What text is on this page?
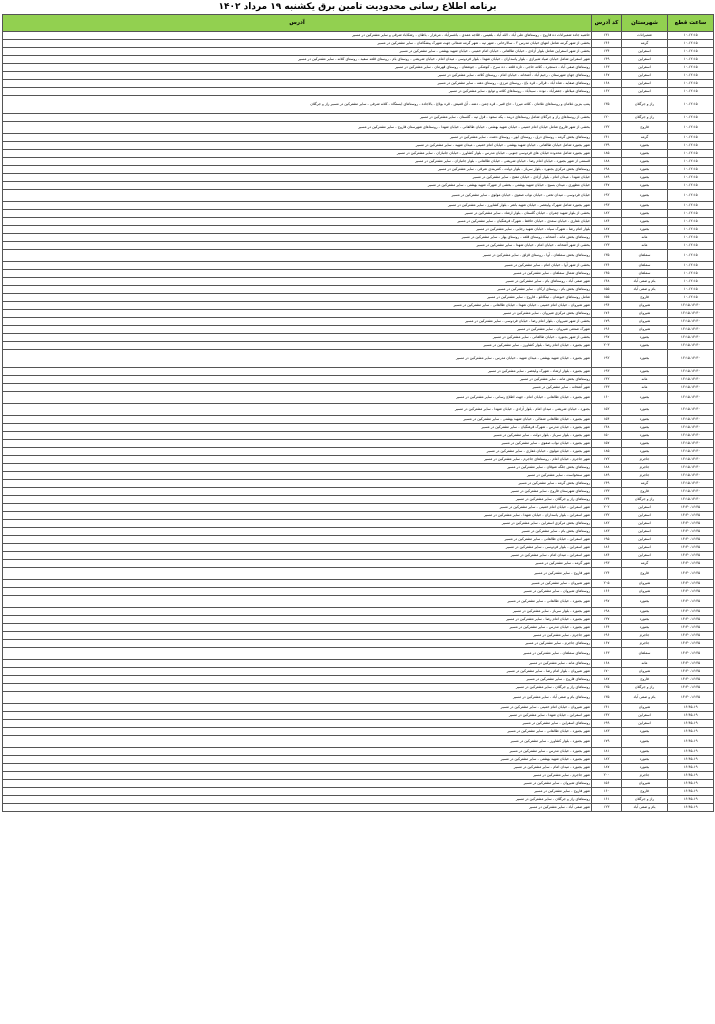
برنامه اطلاع رسانی محدودیت تامین برق یکشنبه ۱۹ مرداد ۱۴۰۲
ساعت قطع	شهرستان	کد آدرس	آدرس
۱۰-۱۲:۱۵	شمیرانات	۱۳۱	حاشیه جاده شمیرانات ده فاروج - روستاهای علی آباد - الله آباد - بلقیس - قلاجه عمدی - باغسرآباد - مرغزار - باطان - رشکاباد شرقی و سایر مشترکین در مسیر
۱۰-۱۲:۱۵	گرمه	۱۴۶	بخشی از شهر گرمه شامل انتهای خیابان مدرس ۲ - سالارخانی - شهر تپه - شهر گرمه شمالی جهت شهرک پیشگامان - سایر مشترکین در مسیر
۱۰-۱۲:۱۵	اسفراین	۱۳۴	بخشی از شهر اسفراین شامل بلوار آزادی - خیابان طالقانی - خیابان امام خمینی - خیابان شهید بهشتی - سایر مشترکین در مسیر
۱۰-۱۲:۱۵	اسفراین	۱۴۹	شهر اسفراین شامل خیابان صیاد شیرازی - بلوار پاسداران - خیابان شهدا - بلوار فردوسی - میدان امام - خیابان شریعتی - روستای بام - روستای قلعه سفید - روستای کلاته - سایر مشترکین در مسیر
۱۰-۱۲:۱۵	اسفراین	۱۶۳	روستاهای صفی آباد - دستجرد - کلاته حاجی - تازه قلعه - ده سرخ - کوشکی - جوشقان - روستای قهرمان - سایر مشترکین در مسیر
۱۰-۱۲:۱۵	اسفراین	۱۶۷	روستاهای جهان شهرستان - رحیم آباد - آشخانه - خیابان امام - روستای کلاته - سایر مشترکین در مسیر
۱۰-۱۲:۱۵	اسفراین	۱۶۸	روستاهای صفایه - شاه آباد - قرالر - قره باغ - روستای مرزی - روستای دهنه - سایر مشترکین در مسیر
۱۰-۱۲:۱۵	اسفراین	۱۶۲	روستاهای میلانلو - جعفرآباد - نوده - سیدآباد - روستاهای کلاته و توابع - سایر مشترکین در مسیر
۱۰-۱۲:۱۵	راز و جرگلان	۱۳۵	پمپ بنزین غلامان و روستاهای غلامان - کلاته میرزا - حاج قنبر - قره چمن - دهنه - آق قمیش - قره بولاغ - بالاجاده - روستاهای ایستگاه - کلاته شرفی - سایر مشترکین در مسیر راز و جرگلان
۱۰-۱۲:۱۵	راز و جرگلان	۱۲۰	بخشی از روستاهای راز و جرگلان شامل روستاهای دربند - یکه سعود - قزل تپه - گلستان - سایر مشترکین در مسیر
۱۰-۱۲:۱۵	فاروج	۱۳۲	بخشی از شهر فاروج شامل خیابان امام خمینی - خیابان شهید بهشتی - خیابان طالقانی - خیابان شهدا - روستاهای شهرستان فاروج - سایر مشترکین در مسیر
۱۰-۱۲:۱۵	گرمه	۱۴۱	روستاهای بخش گرمه - روستای درق - روستای ایور - روستای دشت - سایر مشترکین در مسیر
۱۰-۱۲:۱۵	بجنورد	۱۳۹	شهر بجنورد شامل خیابان طالقانی - خیابان شهید بهشتی - خیابان امام خمینی - میدان شهید - سایر مشترکین در مسیر
۱۰-۱۲:۱۵	بجنورد	۱۸۵	شهر بجنورد شامل محدوده خیابان های فردوسی جنوبی - خیابان مدرس - بلوار کشاورز - خیابان جانبازان - سایر مشترکین در مسیر
۱۰-۱۲:۱۵	بجنورد	۱۸۸	قسمتی از شهر بجنورد - خیابان امام رضا - خیابان شریعتی - خیابان طالقانی - بلوار جانبازان - سایر مشترکین در مسیر
۱۰-۱۲:۱۵	بجنورد	۱۹۸	روستاهای بخش مرکزی بجنورد - بلوار سرباز - بلوار دولت - کمربندی شرقی - سایر مشترکین در مسیر
۱۰-۱۲:۱۵	بجنورد	۱۸۹	خیابان شهدا - میدان امام - بلوار آزادی - خیابان مفتح - سایر مشترکین در مسیر
۱۰-۱۲:۱۵	بجنورد	۱۴۷	خیابان مطهری - میدان بسیج - خیابان شهید بهشتی - بخشی از شهرک شهید بهشتی - سایر مشترکین در مسیر
۱۰-۱۲:۱۵	بجنورد	۱۹۲	خیابان فردوسی - میدان تختی - خیابان نواب صفوی - خیابان مولوی - سایر مشترکین در مسیر
۱۰-۱۲:۱۵	بجنورد	۱۹۳	شهر بجنورد شامل شهرک ولیعصر - خیابان شهید باهنر - بلوار کشاورز - سایر مشترکین در مسیر
۱۰-۱۲:۱۵	بجنورد	۱۸۲	بخشی از بلوار شهید چمران - خیابان گلستان - بلوار ارشاد - سایر مشترکین در مسیر
۱۰-۱۲:۱۵	بجنورد	۱۸۴	خیابان غفاری - خیابان سعدی - خیابان حافظ - شهرک فرهنگیان - سایر مشترکین در مسیر
۱۰-۱۲:۱۵	بجنورد	۱۸۷	بلوار امام رضا - شهرک سپاه - خیابان شهید رجایی - سایر مشترکین در مسیر
۱۰-۱۲:۱۵	مانه	۱۴۴	روستاهای بخش مانه - آشخانه - روستای قلعه - روستای بهار - سایر مشترکین در مسیر
۱۰-۱۲:۱۵	مانه	۱۲۳	بخشی از شهر آشخانه - خیابان امام - خیابان شهدا - سایر مشترکین در مسیر
۱۰-۱۲:۱۵	سملقان	۱۳۵	روستاهای بخش سملقان - آوا - روستای قزلق - سایر مشترکین در مسیر
۱۰-۱۲:۱۵	سملقان	۱۳۶	بخشی از شهر آوا - خیابان امام - سایر مشترکین در مسیر
۱۰-۱۲:۱۵	سملقان	۱۴۵	روستاهای شمال سملقان - سایر مشترکین در مسیر
۱۰-۱۲:۱۵	بام و صفی آباد	۱۴۸	شهر صفی آباد - روستاهای بام - سایر مشترکین در مسیر
۱۰-۱۲:۱۵	بام و صفی آباد	۱۵۵	روستاهای بخش بام - روستای ارکان - سایر مشترکین در مسیر
۱۰-۱۲:۱۵	فاروج	۱۵۵	شامل روستاهای خبوشان - تیتکانلو - فاروج - سایر مشترکین در مسیر
۱۲:۱۵-۱۴:۳۰	شیروان	۱۹۴	شهر شیروان - خیابان امام خمینی - خیابان شهدا - خیابان طالقانی - سایر مشترکین در مسیر
۱۲:۱۵-۱۴:۳۰	شیروان	۱۷۶	روستاهای بخش مرکزی شیروان - سایر مشترکین در مسیر
۱۲:۱۵-۱۴:۳۰	شیروان	۱۷۹	بخشی از شهر شیروان - بلوار امام رضا - خیابان فردوسی - سایر مشترکین در مسیر
۱۲:۱۵-۱۴:۳۰	شیروان	۱۹۶	شهرک صنعتی شیروان - سایر مشترکین در مسیر
۱۲:۱۵-۱۴:۳۰	بجنورد	۱۹۷	بخشی از شهر بجنورد - خیابان طالقانی - سایر مشترکین در مسیر
۱۲:۱۵-۱۴:۳۰	بجنورد	۲۰۳	شهر بجنورد - خیابان امام رضا - بلوار کشاورز - سایر مشترکین در مسیر
۱۲:۱۵-۱۴:۳۰	بجنورد	۱۹۲	شهر بجنورد - خیابان شهید بهشتی - میدان شهید - خیابان مدرس - سایر مشترکین در مسیر
۱۲:۱۵-۱۴:۳۰	بجنورد	۱۹۳	شهر بجنورد - بلوار ارشاد - شهرک ولیعصر - سایر مشترکین در مسیر
۱۲:۱۵-۱۴:۳۰	مانه	۱۴۲	روستاهای بخش مانه - سایر مشترکین در مسیر
۱۲:۱۵-۱۴:۳۰	مانه	۱۴۳	شهر آشخانه - سایر مشترکین در مسیر
۱۲:۱۵-۱۴:۳۰	بجنورد	۱۶۰	شهر بجنورد - خیابان طالقانی - خیابان امام - جهت اطلاع رسانی - سایر مشترکین در مسیر
۱۲:۱۵-۱۴:۳۰	بجنورد	۱۵۲	بجنورد - خیابان شریعتی - میدان امام - بلوار آزادی - خیابان شهدا - سایر مشترکین در مسیر
۱۲:۱۵-۱۴:۳۰	بجنورد	۱۵۴	شهر بجنورد - خیابان طالقانی شمالی - خیابان شهید بهشتی - سایر مشترکین در مسیر
۱۲:۱۵-۱۴:۳۰	بجنورد	۱۴۸	شهر بجنورد - خیابان مدرس - شهرک فرهنگیان - سایر مشترکین در مسیر
۱۲:۱۵-۱۴:۳۰	بجنورد	۱۵۰	شهر بجنورد - بلوار سرباز - بلوار دولت - سایر مشترکین در مسیر
۱۲:۱۵-۱۴:۳۰	بجنورد	۱۵۷	شهر بجنورد - خیابان نواب صفوی - سایر مشترکین در مسیر
۱۲:۱۵-۱۴:۳۰	بجنورد	۱۸۵	شهر بجنورد - خیابان مولوی - خیابان غفاری - سایر مشترکین در مسیر
۱۲:۱۵-۱۴:۳۰	جاجرم	۱۷۲	شهر جاجرم - خیابان امام - روستاهای جاجرم - سایر مشترکین در مسیر
۱۲:۱۵-۱۴:۳۰	جاجرم	۱۸۸	روستاهای بخش جلگه شوقان - سایر مشترکین در مسیر
۱۲:۱۵-۱۴:۳۰	جاجرم	۱۸۹	شهر سنخواست - سایر مشترکین در مسیر
۱۲:۱۵-۱۴:۳۰	گرمه	۱۴۹	روستاهای بخش گرمه - سایر مشترکین در مسیر
۱۲:۱۵-۱۴:۳۰	فاروج	۱۳۳	روستاهای شهرستان فاروج - سایر مشترکین در مسیر
۱۲:۱۵-۱۴:۳۰	راز و جرگلان	۱۳۴	روستاهای راز و جرگلان - سایر مشترکین در مسیر
۱۴:۳۰-۱۶:۴۵	اسفراین	۲۰۲	شهر اسفراین - خیابان امام خمینی - سایر مشترکین در مسیر
۱۴:۳۰-۱۶:۴۵	اسفراین	۱۳۲	شهر اسفراین - بلوار پاسداران - خیابان شهدا - سایر مشترکین در مسیر
۱۴:۳۰-۱۶:۴۵	اسفراین	۱۸۲	روستاهای بخش مرکزی اسفراین - سایر مشترکین در مسیر
۱۴:۳۰-۱۶:۴۵	اسفراین	۱۸۳	روستاهای بخش بام - سایر مشترکین در مسیر
۱۴:۳۰-۱۶:۴۵	اسفراین	۱۹۵	شهر اسفراین - خیابان طالقانی - سایر مشترکین در مسیر
۱۴:۳۰-۱۶:۴۵	اسفراین	۱۸۶	شهر اسفراین - بلوار فردوسی - سایر مشترکین در مسیر
۱۴:۳۰-۱۶:۴۵	اسفراین	۱۸۴	شهر اسفراین - میدان امام - سایر مشترکین در مسیر
۱۴:۳۰-۱۶:۴۵	گرمه	۱۹۳	شهر گرمه - سایر مشترکین در مسیر
۱۴:۳۰-۱۶:۴۵	فاروج	۱۲۴	شهر فاروج - سایر مشترکین در مسیر
۱۴:۳۰-۱۶:۴۵	شیروان	۲۰۵	شهر شیروان - سایر مشترکین در مسیر
۱۴:۳۰-۱۶:۴۵	شیروان	۱۶۶	روستاهای شیروان - سایر مشترکین در مسیر
۱۴:۳۰-۱۶:۴۵	بجنورد	۱۹۷	شهر بجنورد - خیابان طالقانی - سایر مشترکین در مسیر
۱۴:۳۰-۱۶:۴۵	بجنورد	۱۹۸	شهر بجنورد - بلوار سرباز - سایر مشترکین در مسیر
۱۴:۳۰-۱۶:۴۵	بجنورد	۱۳۷	شهر بجنورد - خیابان امام رضا - سایر مشترکین در مسیر
۱۴:۳۰-۱۶:۴۵	بجنورد	۱۶۴	شهر بجنورد - خیابان مدرس - سایر مشترکین در مسیر
۱۴:۳۰-۱۶:۴۵	جاجرم	۱۹۶	شهر جاجرم - سایر مشترکین در مسیر
۱۴:۳۰-۱۶:۴۵	جاجرم	۱۶۷	روستاهای جاجرم - سایر مشترکین در مسیر
۱۴:۳۰-۱۶:۴۵	سملقان	۱۶۳	روستاهای سملقان - سایر مشترکین در مسیر
۱۴:۳۰-۱۶:۴۵	مانه	۱۶۸	روستاهای مانه - سایر مشترکین در مسیر
۱۴:۳۰-۱۶:۴۵	شیروان	۱۷۰	شهر شیروان - بلوار امام رضا - سایر مشترکین در مسیر
۱۴:۳۰-۱۶:۴۵	فاروج	۱۸۷	روستاهای فاروج - سایر مشترکین در مسیر
۱۴:۳۰-۱۶:۴۵	راز و جرگلان	۱۲۵	روستاهای راز و جرگلان - سایر مشترکین در مسیر
۱۴:۳۰-۱۶:۴۵	بام و صفی آباد	۱۳۵	روستاهای بام و صفی آباد - سایر مشترکین در مسیر
۱۶:۴۵-۱۹	شیروان	۱۴۱	شهر شیروان - خیابان امام خمینی - سایر مشترکین در مسیر
۱۶:۴۵-۱۹	اسفراین	۱۴۲	شهر اسفراین - خیابان شهدا - سایر مشترکین در مسیر
۱۶:۴۵-۱۹	اسفراین	۱۹۹	روستاهای اسفراین - سایر مشترکین در مسیر
۱۶:۴۵-۱۹	بجنورد	۱۸۳	شهر بجنورد - خیابان طالقانی - سایر مشترکین در مسیر
۱۶:۴۵-۱۹	بجنورد	۱۷۹	شهر بجنورد - بلوار کشاورز - سایر مشترکین در مسیر
۱۶:۴۵-۱۹	بجنورد	۱۸۱	شهر بجنورد - خیابان مدرس - سایر مشترکین در مسیر
۱۶:۴۵-۱۹	بجنورد	۱۸۲	شهر بجنورد - خیابان شهید بهشتی - سایر مشترکین در مسیر
۱۶:۴۵-۱۹	بجنورد	۱۸۷	شهر بجنورد - میدان امام - سایر مشترکین در مسیر
۱۶:۴۵-۱۹	جاجرم	۲۰۰	شهر جاجرم - سایر مشترکین در مسیر
۱۶:۴۵-۱۹	شیروان	۱۵۶	روستاهای شیروان - سایر مشترکین در مسیر
۱۶:۴۵-۱۹	فاروج	۱۶۰	شهر فاروج - سایر مشترکین در مسیر
۱۶:۴۵-۱۹	راز و جرگلان	۱۶۱	روستاهای راز و جرگلان - سایر مشترکین در مسیر
۱۶:۴۵-۱۹	بام و صفی آباد	۱۲۳	شهر صفی آباد - سایر مشترکین در مسیر
